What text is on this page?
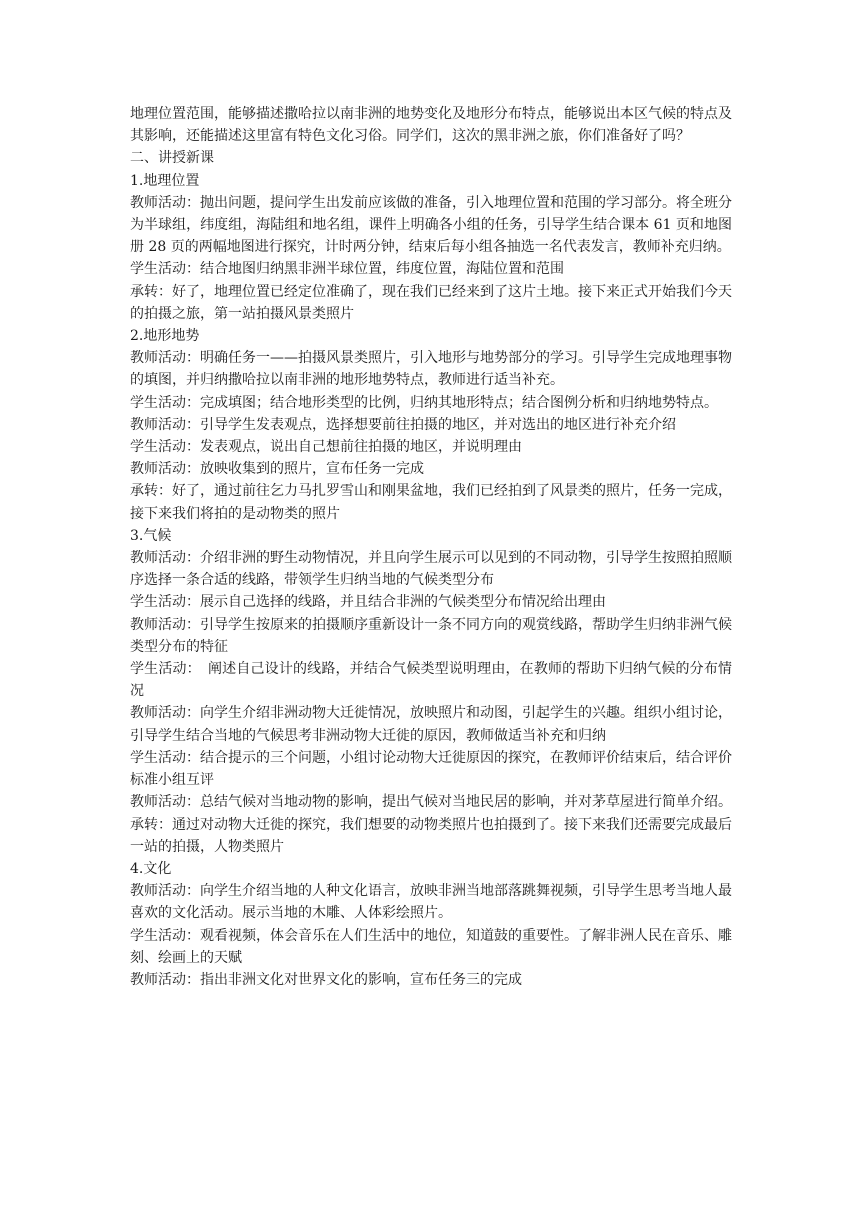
地理位置范围，能够描述撒哈拉以南非洲的地势变化及地形分布特点，能够说出本区气候的特点及其影响，还能描述这里富有特色文化习俗。同学们，这次的黑非洲之旅，你们准备好了吗？

二、讲授新课

1.地理位置

教师活动：抛出问题，提问学生出发前应该做的准备，引入地理位置和范围的学习部分。将全班分为半球组，纬度组，海陆组和地名组，课件上明确各小组的任务，引导学生结合课本 61 页和地图册 28 页的两幅地图进行探究，计时两分钟，结束后每小组各抽选一名代表发言，教师补充归纳。

学生活动：结合地图归纳黑非洲半球位置，纬度位置，海陆位置和范围

承转：好了，地理位置已经定位准确了，现在我们已经来到了这片土地。接下来正式开始我们今天的拍摄之旅，第一站拍摄风景类照片

2.地形地势

教师活动：明确任务一——拍摄风景类照片，引入地形与地势部分的学习。引导学生完成地理事物的填图，并归纳撒哈拉以南非洲的地形地势特点，教师进行适当补充。

学生活动：完成填图；结合地形类型的比例，归纳其地形特点；结合图例分析和归纳地势特点。

教师活动：引导学生发表观点，选择想要前往拍摄的地区，并对选出的地区进行补充介绍

学生活动：发表观点，说出自己想前往拍摄的地区，并说明理由

教师活动：放映收集到的照片，宣布任务一完成

承转：好了，通过前往乞力马扎罗雪山和刚果盆地，我们已经拍到了风景类的照片，任务一完成，接下来我们将拍的是动物类的照片

3.气候

教师活动：介绍非洲的野生动物情况，并且向学生展示可以见到的不同动物，引导学生按照拍照顺序选择一条合适的线路，带领学生归纳当地的气候类型分布

学生活动：展示自己选择的线路，并且结合非洲的气候类型分布情况给出理由

教师活动：引导学生按原来的拍摄顺序重新设计一条不同方向的观赏线路，帮助学生归纳非洲气候类型分布的特征

学生活动：　阐述自己设计的线路，并结合气候类型说明理由，在教师的帮助下归纳气候的分布情况

教师活动：向学生介绍非洲动物大迁徙情况，放映照片和动图，引起学生的兴趣。组织小组讨论，引导学生结合当地的气候思考非洲动物大迁徙的原因，教师做适当补充和归纳

学生活动：结合提示的三个问题，小组讨论动物大迁徙原因的探究，在教师评价结束后，结合评价标准小组互评

教师活动：总结气候对当地动物的影响，提出气候对当地民居的影响，并对茅草屋进行简单介绍。

承转：通过对动物大迁徙的探究，我们想要的动物类照片也拍摄到了。接下来我们还需要完成最后一站的拍摄，人物类照片

4.文化

教师活动：向学生介绍当地的人种文化语言，放映非洲当地部落跳舞视频，引导学生思考当地人最喜欢的文化活动。展示当地的木雕、人体彩绘照片。

学生活动：观看视频，体会音乐在人们生活中的地位，知道鼓的重要性。了解非洲人民在音乐、雕刻、绘画上的天赋

教师活动：指出非洲文化对世界文化的影响，宣布任务三的完成
